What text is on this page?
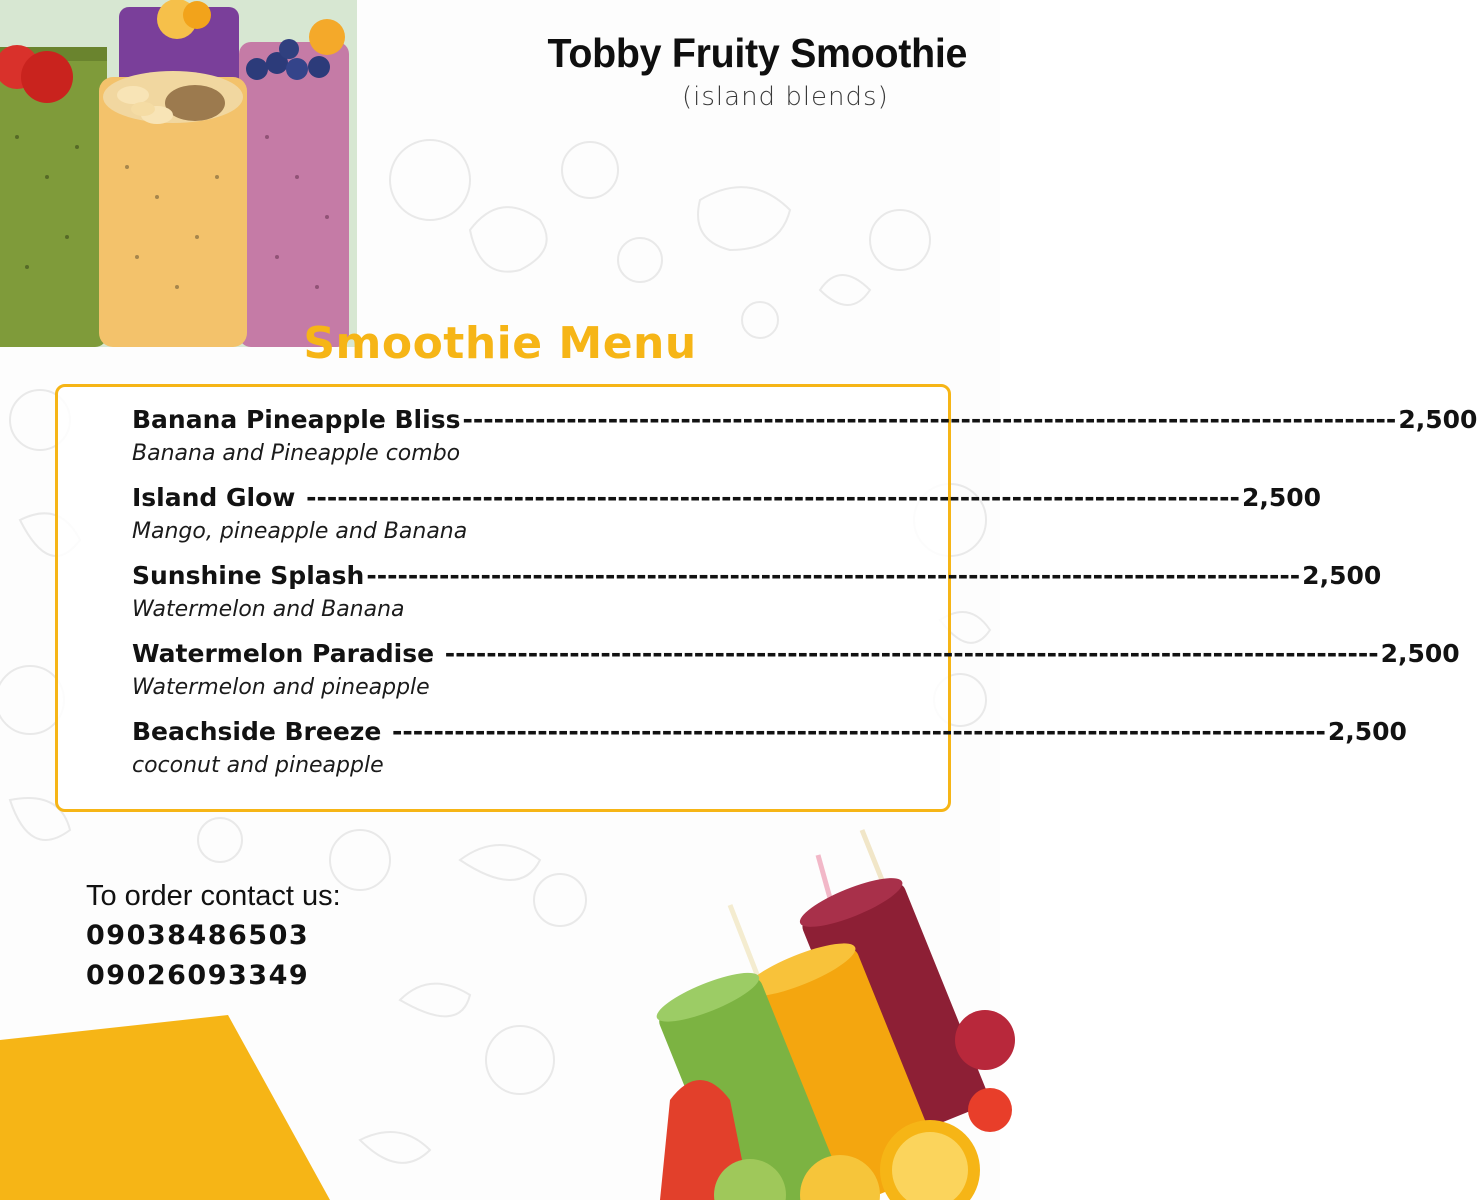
Tobby Fruity Smoothie
(island blends)
Smoothie Menu
Banana Pineapple Bliss ------------------------------------------------------------------------------------------ 2,500
Banana and Pineapple combo
Island Glow ------------------------------------------------------------------------------------------ 2,500
Mango, pineapple and Banana
Sunshine Splash ------------------------------------------------------------------------------------------ 2,500
Watermelon and Banana
Watermelon Paradise ------------------------------------------------------------------------------------------ 2,500
Watermelon and pineapple
Beachside Breeze ------------------------------------------------------------------------------------------ 2,500
coconut and pineapple
To order contact us:
09038486503
09026093349
